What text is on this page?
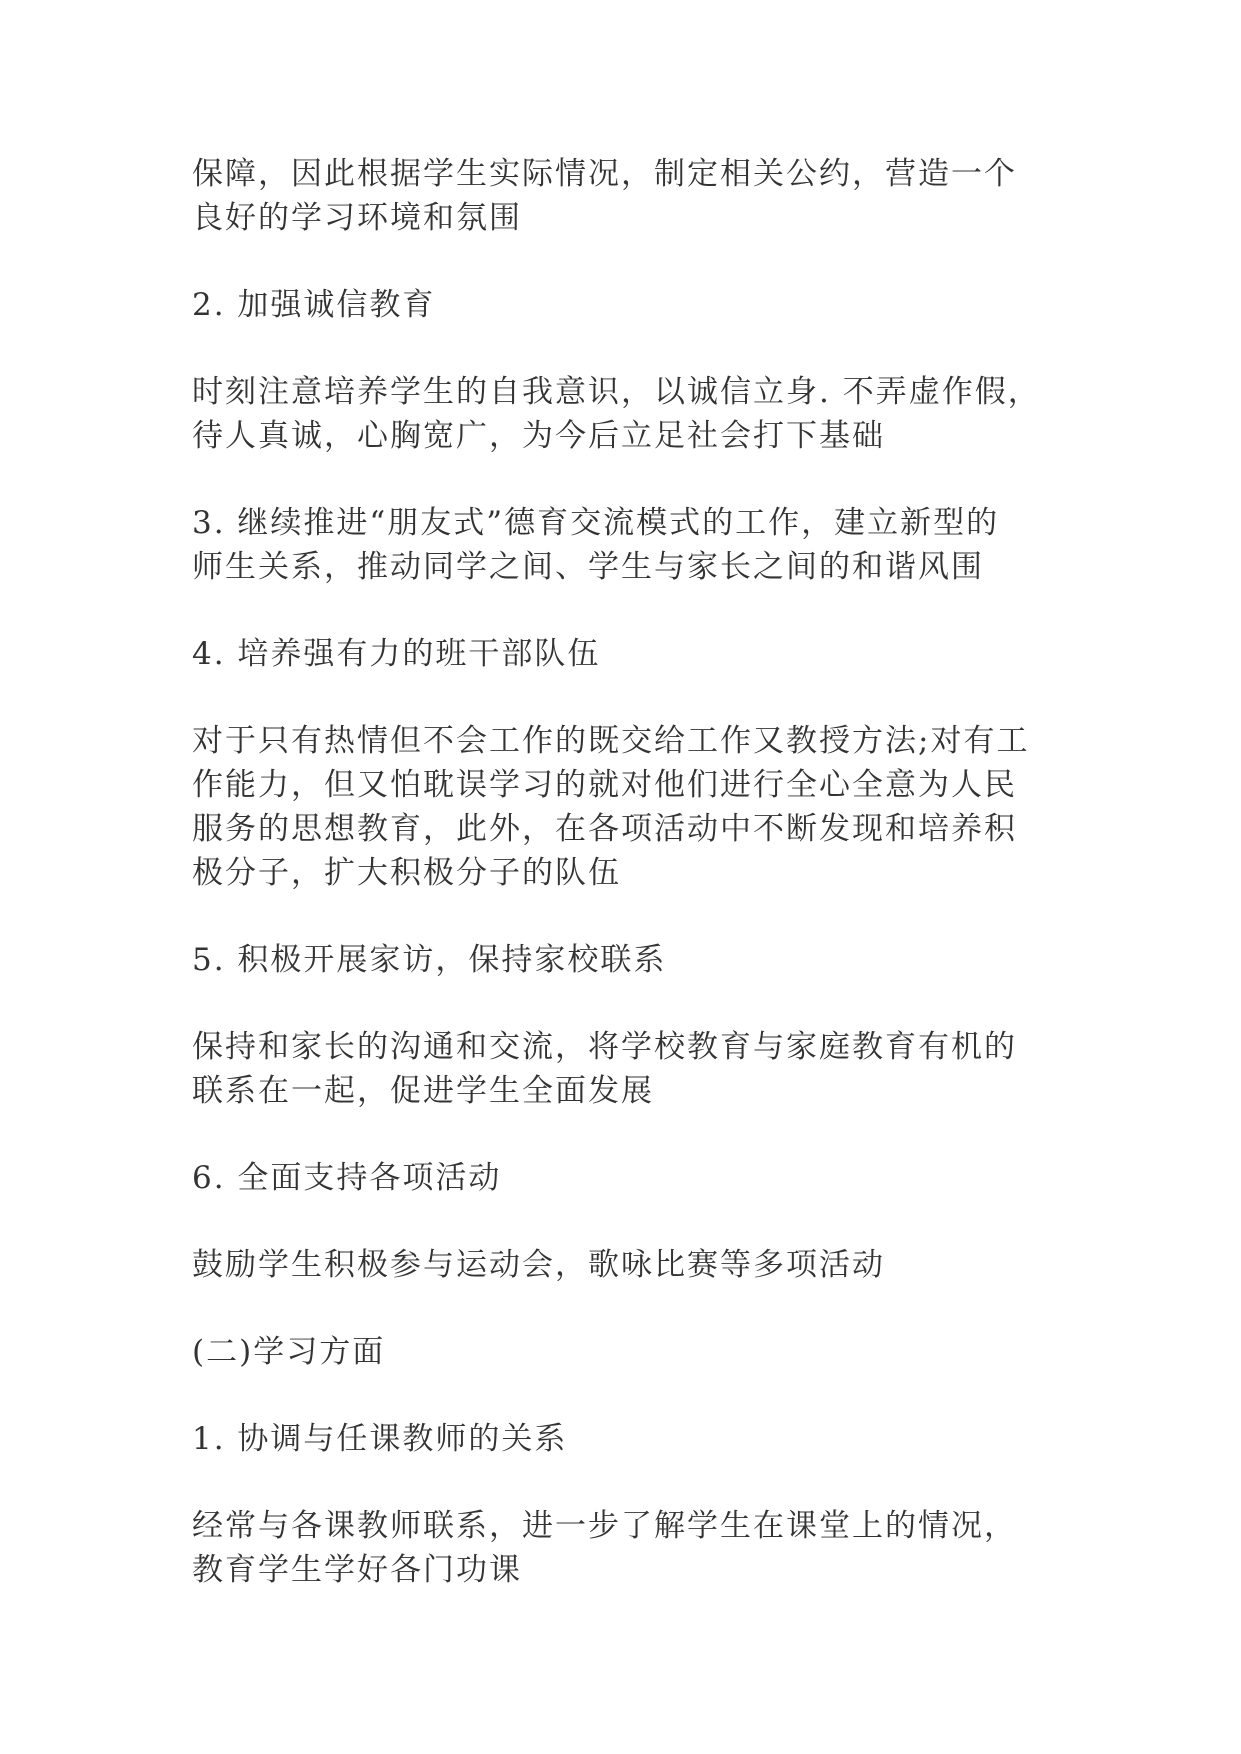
保障，因此根据学生实际情况，制定相关公约，营造一个
良好的学习环境和氛围

2. 加强诚信教育

时刻注意培养学生的自我意识，以诚信立身. 不弄虚作假，
待人真诚，心胸宽广，为今后立足社会打下基础

3. 继续推进“朋友式”德育交流模式的工作，建立新型的
师生关系，推动同学之间、学生与家长之间的和谐风围

4. 培养强有力的班干部队伍

对于只有热情但不会工作的既交给工作又教授方法;对有工
作能力，但又怕耽误学习的就对他们进行全心全意为人民
服务的思想教育，此外，在各项活动中不断发现和培养积
极分子，扩大积极分子的队伍

5. 积极开展家访，保持家校联系

保持和家长的沟通和交流，将学校教育与家庭教育有机的
联系在一起，促进学生全面发展

6. 全面支持各项活动

鼓励学生积极参与运动会，歌咏比赛等多项活动

(二)学习方面

1. 协调与任课教师的关系

经常与各课教师联系，进一步了解学生在课堂上的情况，
教育学生学好各门功课
